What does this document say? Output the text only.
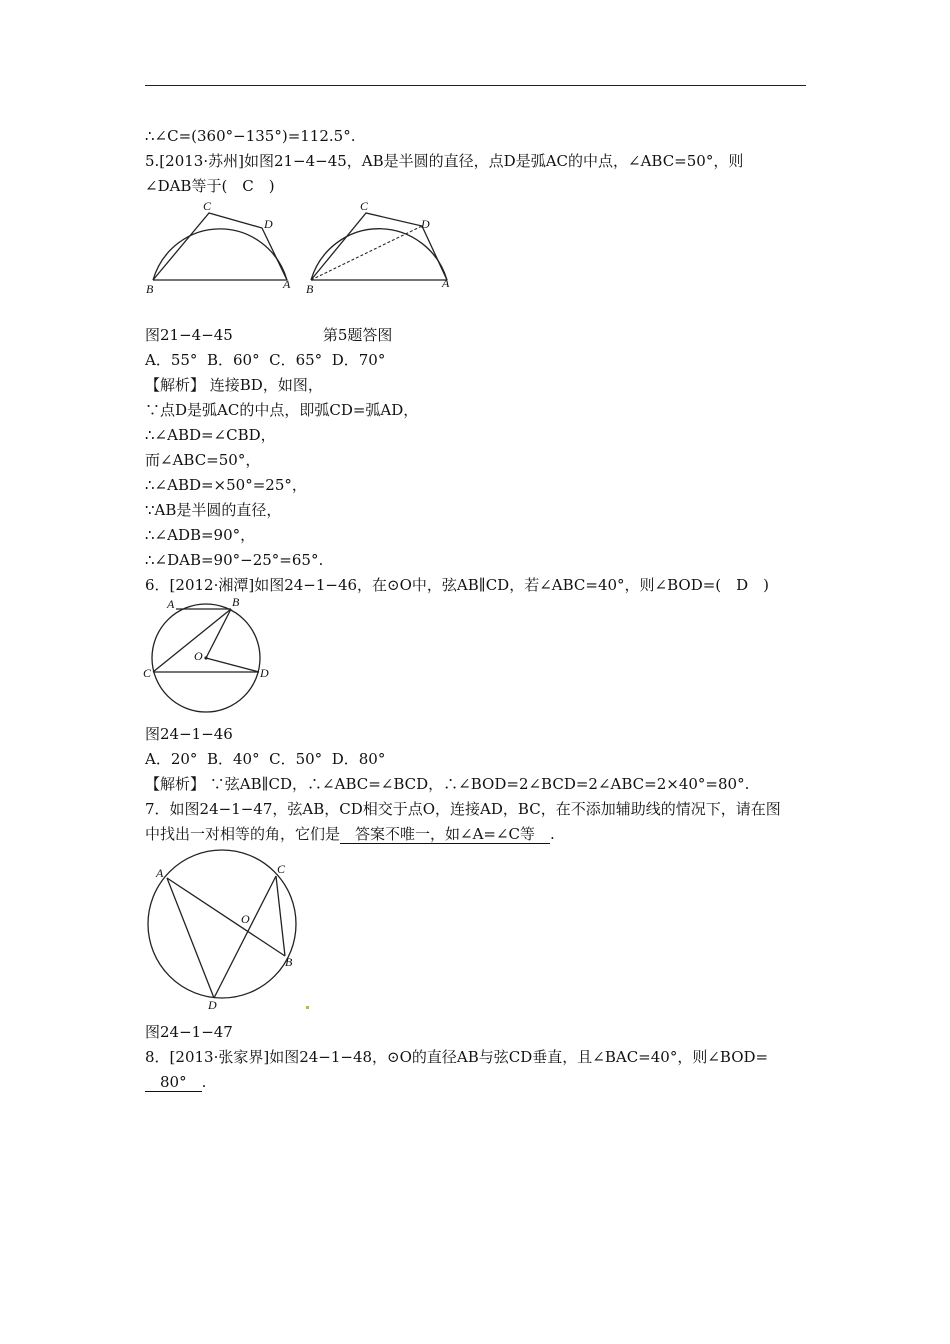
∴∠C=(360°−135°)=112.5°.
5.[2013·苏州]如图21−4−45，AB是半圆的直径，点D是弧AC的中点，∠ABC=50°，则
∠DAB等于(　C　)
B
C
D
A B
C
D
A
图21−4−45　　　　　　第5题答图
A．55°  B．60°  C．65°  D．70°
【解析】 连接BD，如图，
∵点D是弧AC的中点，即弧CD=弧AD，
∴∠ABD=∠CBD，
而∠ABC=50°，
∴∠ABD=×50°=25°，
∵AB是半圆的直径，
∴∠ADB=90°，
∴∠DAB=90°−25°=65°.
6．[2012·湘潭]如图24−1−46，在⊙O中，弦AB∥CD，若∠ABC=40°，则∠BOD=(　D　)
A	B
O
C	D
图24−1−46
A．20°  B．40°  C．50°  D．80°
【解析】 ∵弦AB∥CD，∴∠ABC=∠BCD，∴∠BOD=2∠BCD=2∠ABC=2×40°=80°.
7．如图24−1−47，弦AB，CD相交于点O，连接AD，BC，在不添加辅助线的情况下，请在图
中找出一对相等的角，它们是　答案不唯一，如∠A=∠C等　.
A	C
O
B
D
图24−1−47
8．[2013·张家界]如图24−1−48，⊙O的直径AB与弦CD垂直，且∠BAC=40°，则∠BOD=
　80°　.
